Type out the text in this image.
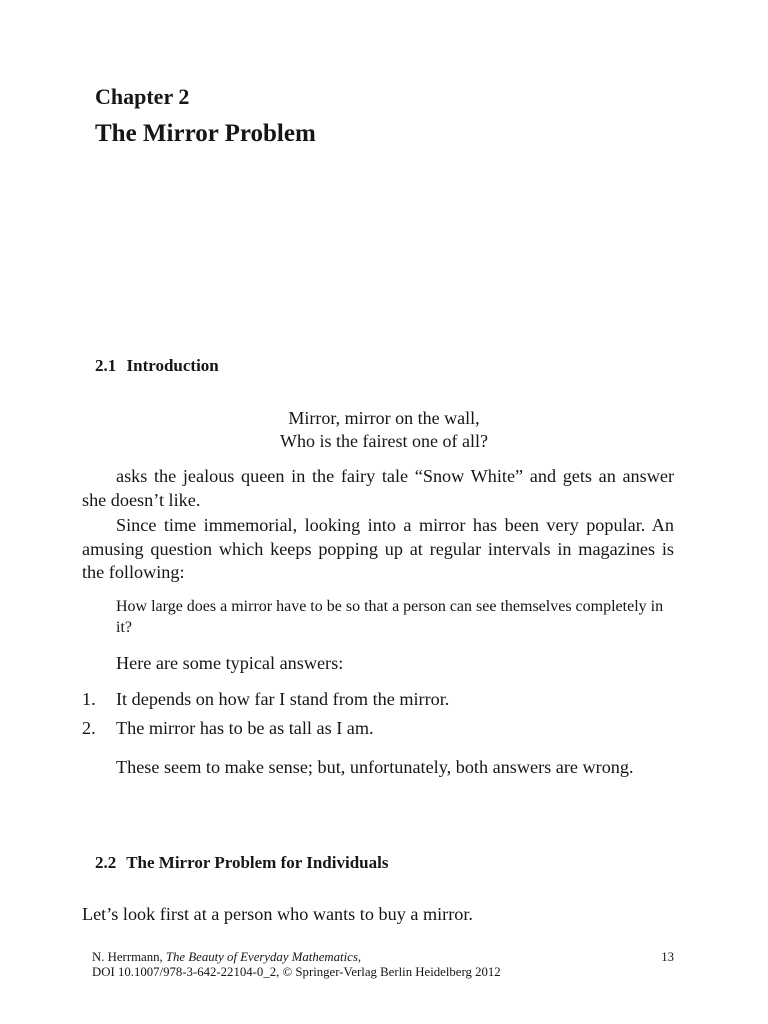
Chapter 2
The Mirror Problem
2.1 Introduction
Mirror, mirror on the wall,
Who is the fairest one of all?
asks the jealous queen in the fairy tale “Snow White” and gets an answer she doesn’t like.
Since time immemorial, looking into a mirror has been very popular. An amusing question which keeps popping up at regular intervals in magazines is the following:
How large does a mirror have to be so that a person can see themselves completely in it?
Here are some typical answers:
1. It depends on how far I stand from the mirror.
2. The mirror has to be as tall as I am.
These seem to make sense; but, unfortunately, both answers are wrong.
2.2 The Mirror Problem for Individuals
Let’s look first at a person who wants to buy a mirror.
N. Herrmann, The Beauty of Everyday Mathematics,
DOI 10.1007/978-3-642-22104-0_2, © Springer-Verlag Berlin Heidelberg 2012
13
